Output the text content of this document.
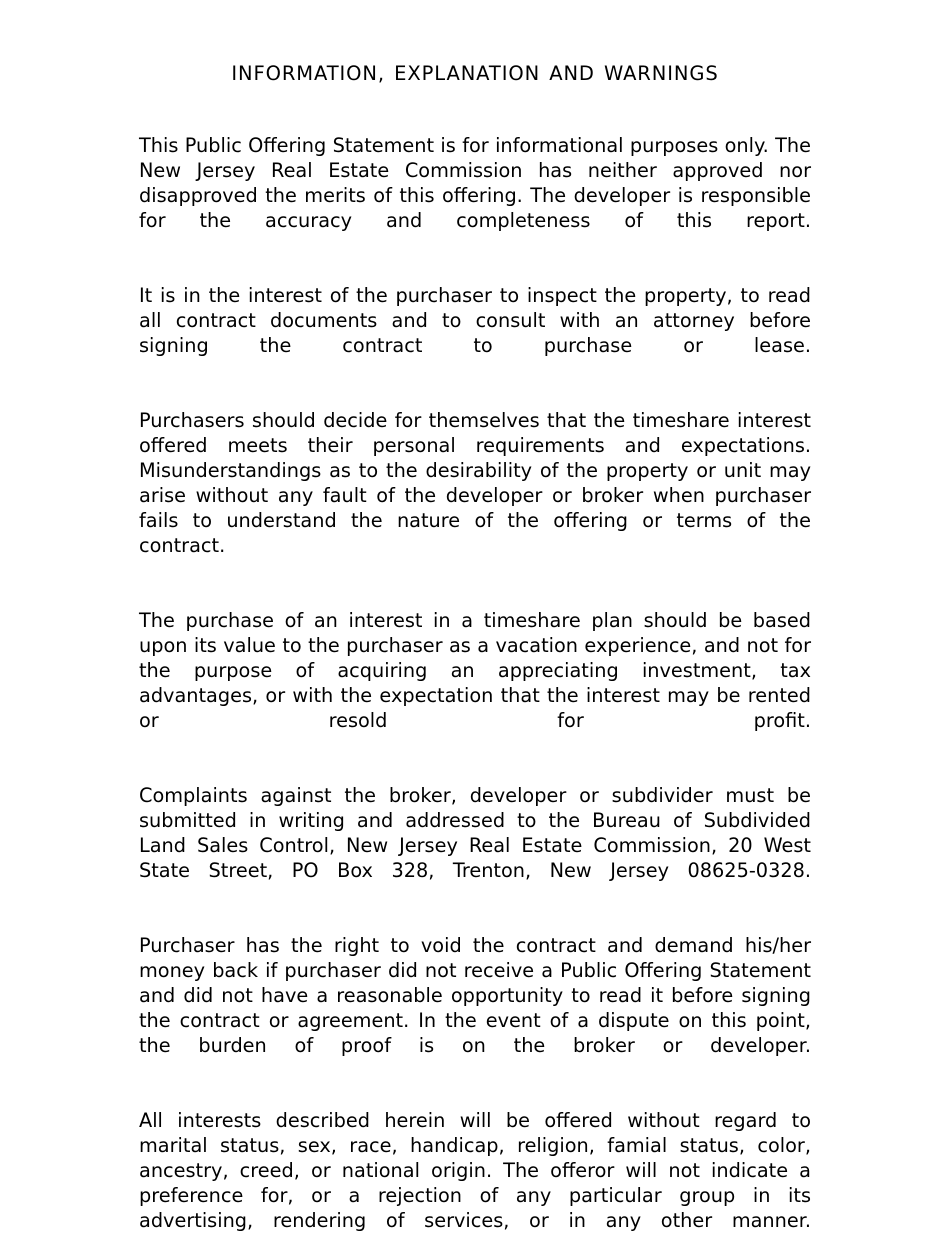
INFORMATION, EXPLANATION AND WARNINGS

This Public Offering Statement is for informational purposes only. The New Jersey Real Estate Commission has neither approved nor disapproved the merits of this offering. The developer is responsible for the accuracy and completeness of this report.

It is in the interest of the purchaser to inspect the property, to read all contract documents and to consult with an attorney before signing the contract to purchase or lease.

Purchasers should decide for themselves that the timeshare interest offered meets their personal requirements and expectations. Misunderstandings as to the desirability of the property or unit may arise without any fault of the developer or broker when purchaser fails to understand the nature of the offering or terms of the contract.

The purchase of an interest in a timeshare plan should be based upon its value to the purchaser as a vacation experience, and not for the purpose of acquiring an appreciating investment, tax advantages, or with the expectation that the interest may be rented or resold for profit.

Complaints against the broker, developer or subdivider must be submitted in writing and addressed to the Bureau of Subdivided Land Sales Control, New Jersey Real Estate Commission, 20 West State Street, PO Box 328, Trenton, New Jersey 08625-0328.

Purchaser has the right to void the contract and demand his/her money back if purchaser did not receive a Public Offering Statement and did not have a reasonable opportunity to read it before signing the contract or agreement. In the event of a dispute on this point, the burden of proof is on the broker or developer.

All interests described herein will be offered without regard to marital status, sex, race, handicap, religion, famial status, color, ancestry, creed, or national origin. The offeror will not indicate a preference for, or a rejection of any particular group in its advertising, rendering of services, or in any other manner.
